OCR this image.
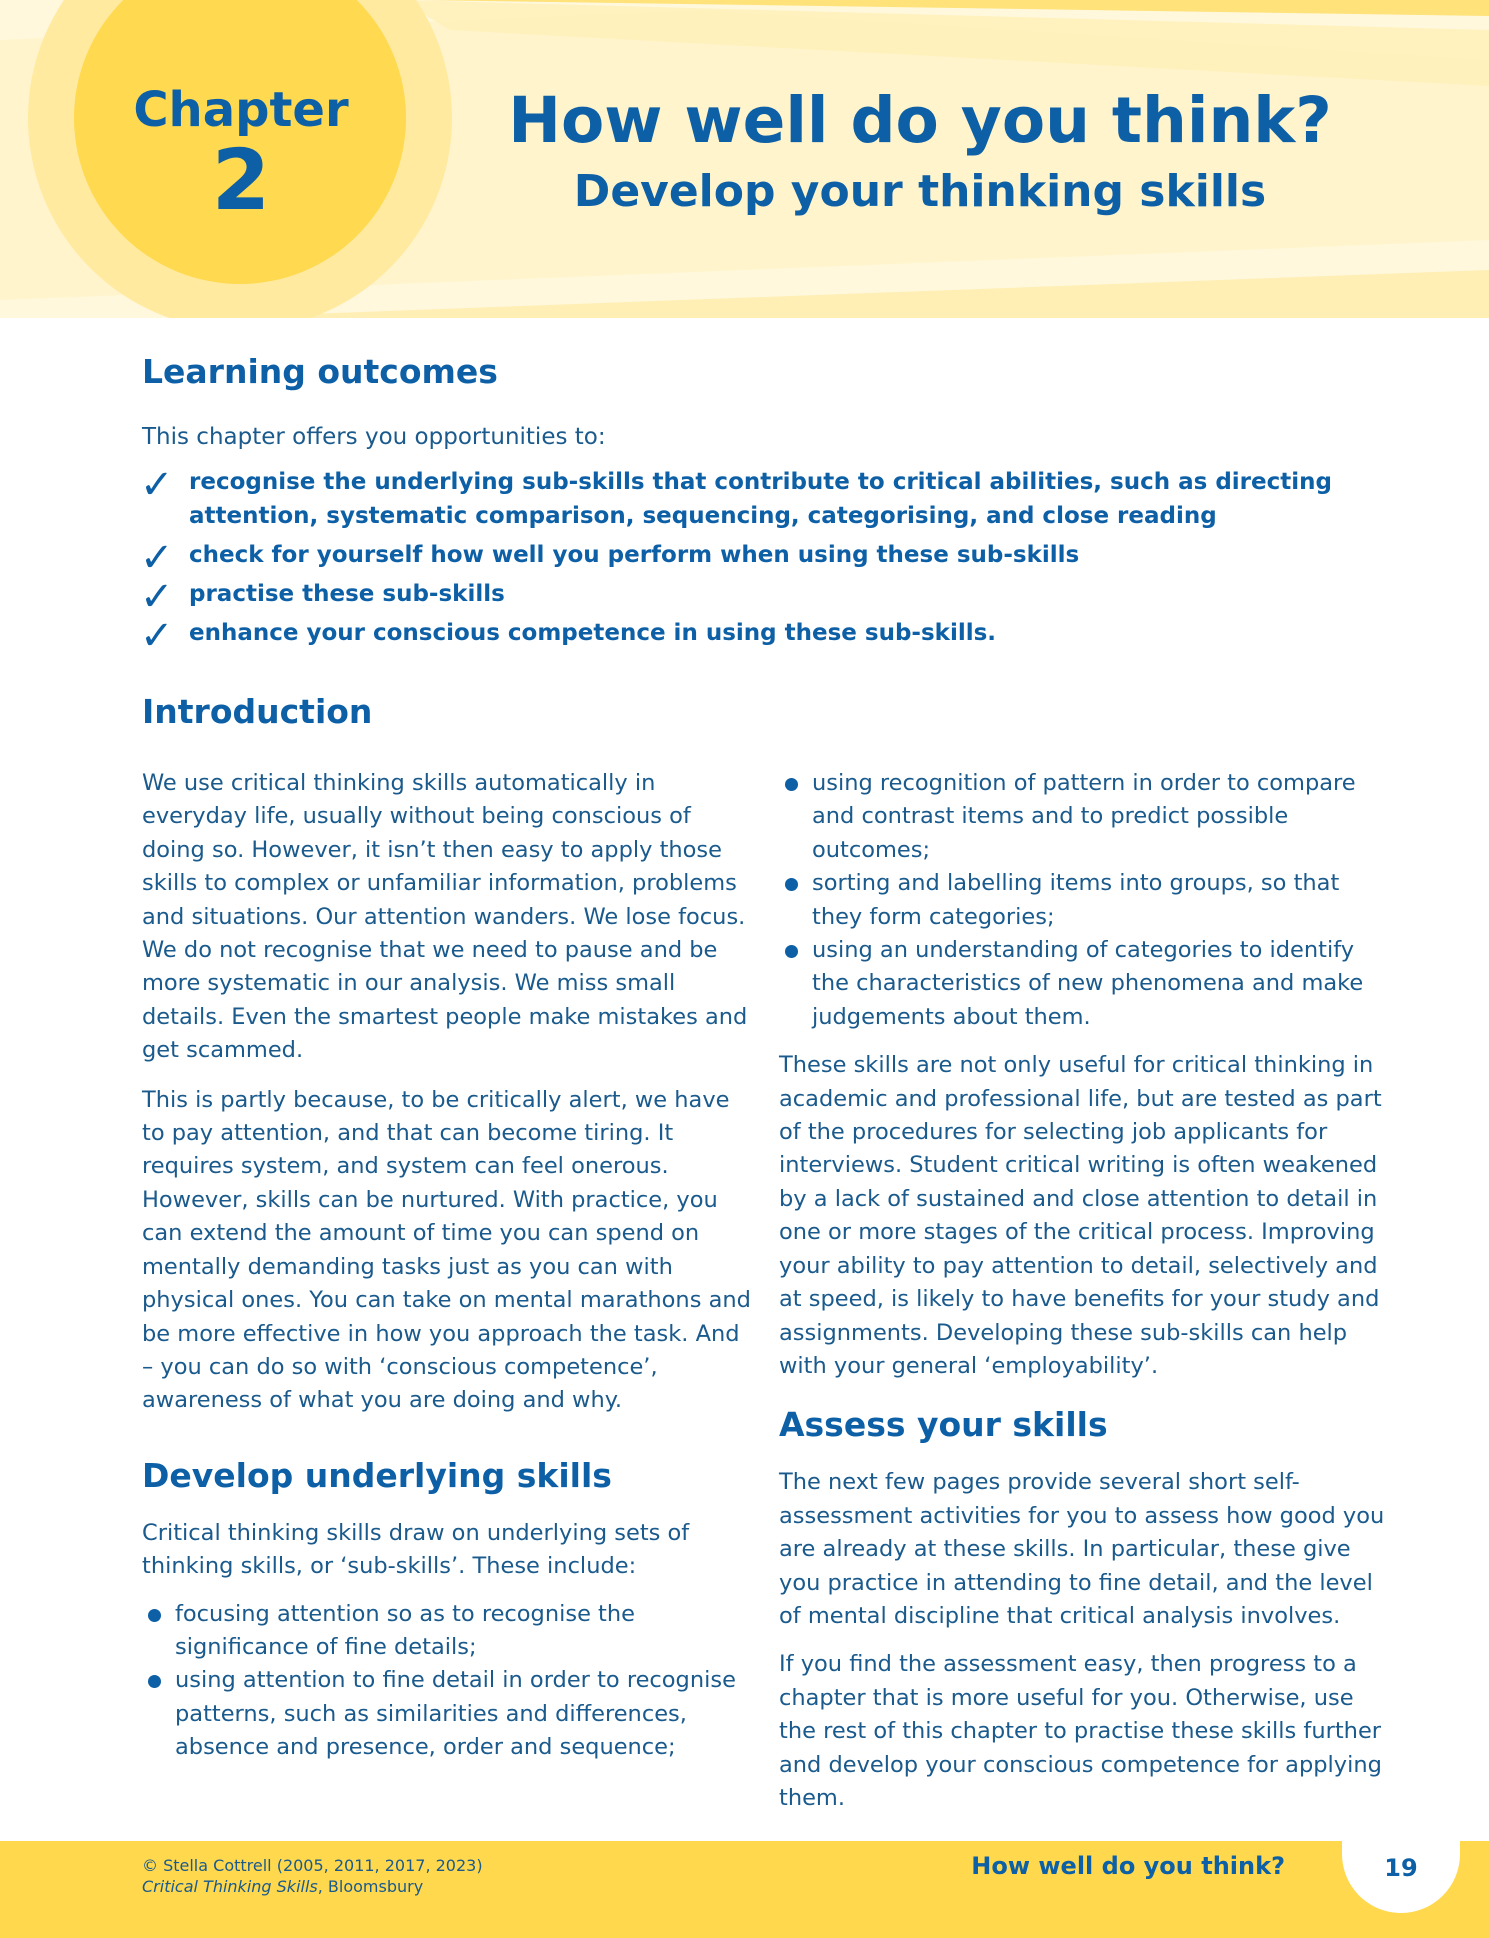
Chapter
2
How well do you think?
Develop your thinking skills
Learning outcomes

This chapter offers you opportunities to:

✓ recognise the underlying sub-skills that contribute to critical abilities, such as directing attention, systematic comparison, sequencing, categorising, and close reading
✓ check for yourself how well you perform when using these sub-skills
✓ practise these sub-skills
✓ enhance your conscious competence in using these sub-skills.
Introduction

We use critical thinking skills automatically in everyday life, usually without being conscious of doing so. However, it isn’t then easy to apply those skills to complex or unfamiliar information, problems and situations. Our attention wanders. We lose focus. We do not recognise that we need to pause and be more systematic in our analysis. We miss small details. Even the smartest people make mistakes and get scammed.

This is partly because, to be critically alert, we have to pay attention, and that can become tiring. It requires system, and system can feel onerous. However, skills can be nurtured. With practice, you can extend the amount of time you can spend on mentally demanding tasks just as you can with physical ones. You can take on mental marathons and be more effective in how you approach the task. And – you can do so with ‘conscious competence’, awareness of what you are doing and why.

Develop underlying skills

Critical thinking skills draw on underlying sets of thinking skills, or ‘sub-skills’. These include:

focusing attention so as to recognise the significance of fine details;
using attention to fine detail in order to recognise patterns, such as similarities and differences, absence and presence, order and sequence;
using recognition of pattern in order to compare and contrast items and to predict possible outcomes;
sorting and labelling items into groups, so that they form categories;
using an understanding of categories to identify the characteristics of new phenomena and make judgements about them.

These skills are not only useful for critical thinking in academic and professional life, but are tested as part of the procedures for selecting job applicants for interviews. Student critical writing is often weakened by a lack of sustained and close attention to detail in one or more stages of the critical process. Improving your ability to pay attention to detail, selectively and at speed, is likely to have benefits for your study and assignments. Developing these sub-skills can help with your general ‘employability’.

Assess your skills

The next few pages provide several short self-assessment activities for you to assess how good you are already at these skills. In particular, these give you practice in attending to fine detail, and the level of mental discipline that critical analysis involves.

If you find the assessment easy, then progress to a chapter that is more useful for you. Otherwise, use the rest of this chapter to practise these skills further and develop your conscious competence for applying them.

© Stella Cottrell (2005, 2011, 2017, 2023)
Critical Thinking Skills, Bloomsbury
How well do you think?	19
